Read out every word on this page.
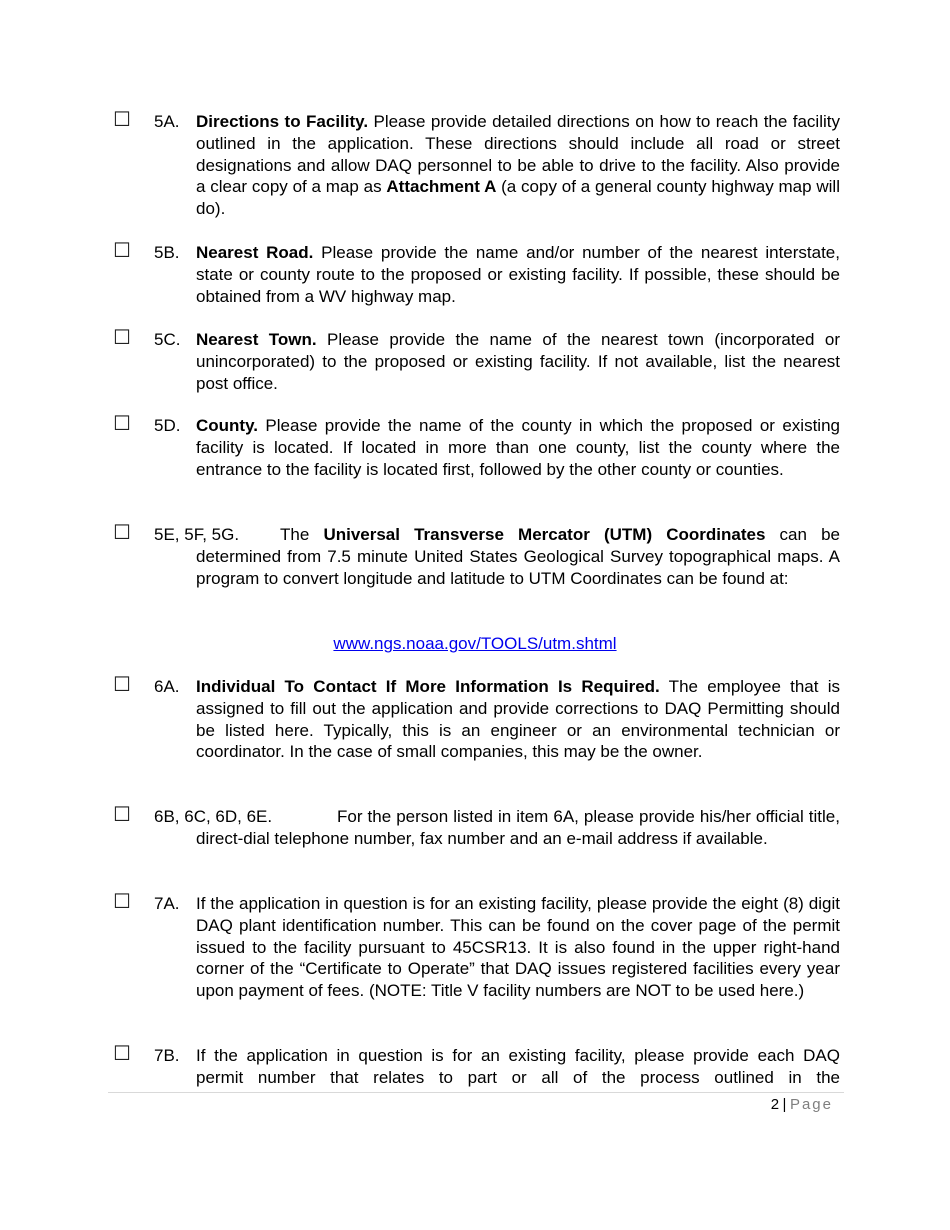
☐ 5A. Directions to Facility. Please provide detailed directions on how to reach the facility outlined in the application. These directions should include all road or street designations and allow DAQ personnel to be able to drive to the facility. Also provide a clear copy of a map as Attachment A (a copy of a general county highway map will do).
☐ 5B. Nearest Road. Please provide the name and/or number of the nearest interstate, state or county route to the proposed or existing facility. If possible, these should be obtained from a WV highway map.
☐ 5C. Nearest Town. Please provide the name of the nearest town (incorporated or unincorporated) to the proposed or existing facility. If not available, list the nearest post office.
☐ 5D. County. Please provide the name of the county in which the proposed or existing facility is located. If located in more than one county, list the county where the entrance to the facility is located first, followed by the other county or counties.
☐ 5E, 5F, 5G.	The Universal Transverse Mercator (UTM) Coordinates can be determined from 7.5 minute United States Geological Survey topographical maps. A program to convert longitude and latitude to UTM Coordinates can be found at:
www.ngs.noaa.gov/TOOLS/utm.shtml
☐ 6A. Individual To Contact If More Information Is Required. The employee that is assigned to fill out the application and provide corrections to DAQ Permitting should be listed here. Typically, this is an engineer or an environmental technician or coordinator. In the case of small companies, this may be the owner.
☐ 6B, 6C, 6D, 6E.	For the person listed in item 6A, please provide his/her official title, direct-dial telephone number, fax number and an e-mail address if available.
☐ 7A. If the application in question is for an existing facility, please provide the eight (8) digit DAQ plant identification number. This can be found on the cover page of the permit issued to the facility pursuant to 45CSR13. It is also found in the upper right-hand corner of the “Certificate to Operate” that DAQ issues registered facilities every year upon payment of fees. (NOTE: Title V facility numbers are NOT to be used here.)
☐ 7B. If the application in question is for an existing facility, please provide each DAQ permit number that relates to part or all of the process outlined in the
2 | Page
